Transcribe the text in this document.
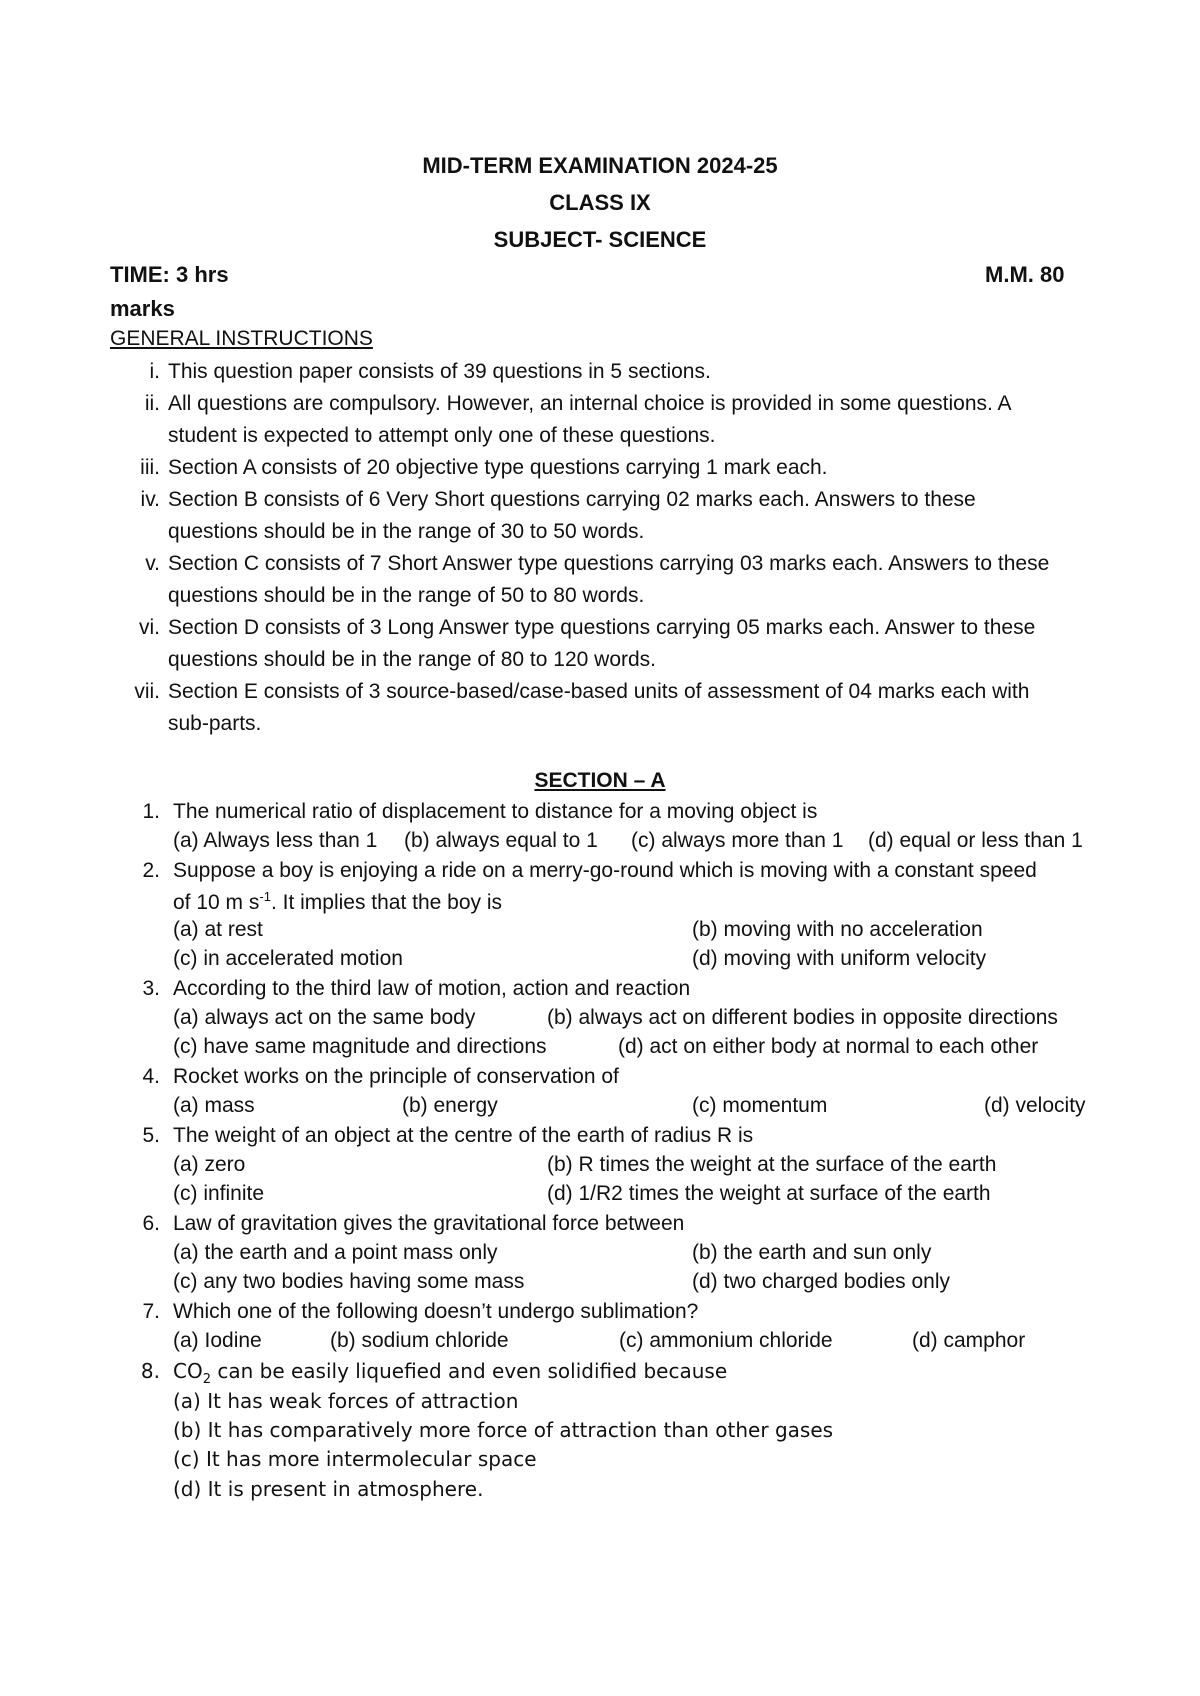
MID-TERM EXAMINATION 2024-25
CLASS IX
SUBJECT- SCIENCE
TIME: 3 hrs	M.M. 80
marks
GENERAL INSTRUCTIONS
i. This question paper consists of 39 questions in 5 sections.
ii. All questions are compulsory. However, an internal choice is provided in some questions. A
student is expected to attempt only one of these questions.
iii. Section A consists of 20 objective type questions carrying 1 mark each.
iv. Section B consists of 6 Very Short questions carrying 02 marks each. Answers to these
questions should be in the range of 30 to 50 words.
v. Section C consists of 7 Short Answer type questions carrying 03 marks each. Answers to these
questions should be in the range of 50 to 80 words.
vi. Section D consists of 3 Long Answer type questions carrying 05 marks each. Answer to these
questions should be in the range of 80 to 120 words.
vii. Section E consists of 3 source-based/case-based units of assessment of 04 marks each with
sub-parts.
SECTION – A
1. The numerical ratio of displacement to distance for a moving object is
(a) Always less than 1 (b) always equal to 1 (c) always more than 1 (d) equal or less than 1
2. Suppose a boy is enjoying a ride on a merry-go-round which is moving with a constant speed
of 10 m $s^{-1}$. It implies that the boy is
(a) at rest	(b) moving with no acceleration
(c) in accelerated motion	(d) moving with uniform velocity
3. According to the third law of motion, action and reaction
(a) always act on the same body	(b) always act on different bodies in opposite directions
(c) have same magnitude and directions	(d) act on either body at normal to each other
4. Rocket works on the principle of conservation of
(a) mass	(b) energy	(c) momentum	(d) velocity
5. The weight of an object at the centre of the earth of radius R is
(a) zero	(b) R times the weight at the surface of the earth
(c) infinite	(d) 1/R2 times the weight at surface of the earth
6. Law of gravitation gives the gravitational force between
(a) the earth and a point mass only	(b) the earth and sun only
(c) any two bodies having some mass	(d) two charged bodies only
7. Which one of the following doesn’t undergo sublimation?
(a) Iodine	(b) sodium chloride	(c) ammonium chloride	(d) camphor
8. $CO_2$ can be easily liquefied and even solidified because
(a) It has weak forces of attraction
(b) It has comparatively more force of attraction than other gases
(c) It has more intermolecular space
(d) It is present in atmosphere.
